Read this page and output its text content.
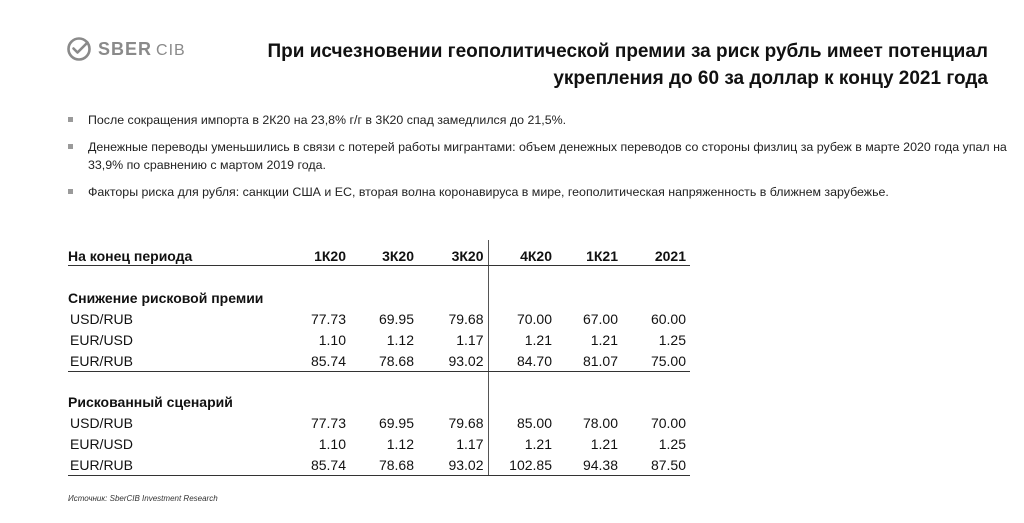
SBER CIB	При исчезновении геополитической премии за риск рубль имеет потенциал
укрепления до 60 за доллар к концу 2021 года
После сокращения импорта в 2К20 на 23,8% г/г в 3К20 спад замедлился до 21,5%.
Денежные переводы уменьшились в связи с потерей работы мигрантами: объем денежных переводов со стороны физлиц за рубеж в марте 2020 года упал на 33,9% по сравнению с мартом 2019 года.
Факторы риска для рубля: санкции США и ЕС, вторая волна коронавируса в мире, геополитическая напряженность в ближнем зарубежье.
На конец периода	1К20	3К20	3К20	4К20	1К21	2021

Снижение рисковой премии						
USD/RUB	77.73	69.95	79.68	70.00	67.00	60.00
EUR/USD	1.10	1.12	1.17	1.21	1.21	1.25
EUR/RUB	85.74	78.68	93.02	84.70	81.07	75.00

Рискованный сценарий						
USD/RUB	77.73	69.95	79.68	85.00	78.00	70.00
EUR/USD	1.10	1.12	1.17	1.21	1.21	1.25
EUR/RUB	85.74	78.68	93.02	102.85	94.38	87.50
Источник: SberCIB Investment Research
